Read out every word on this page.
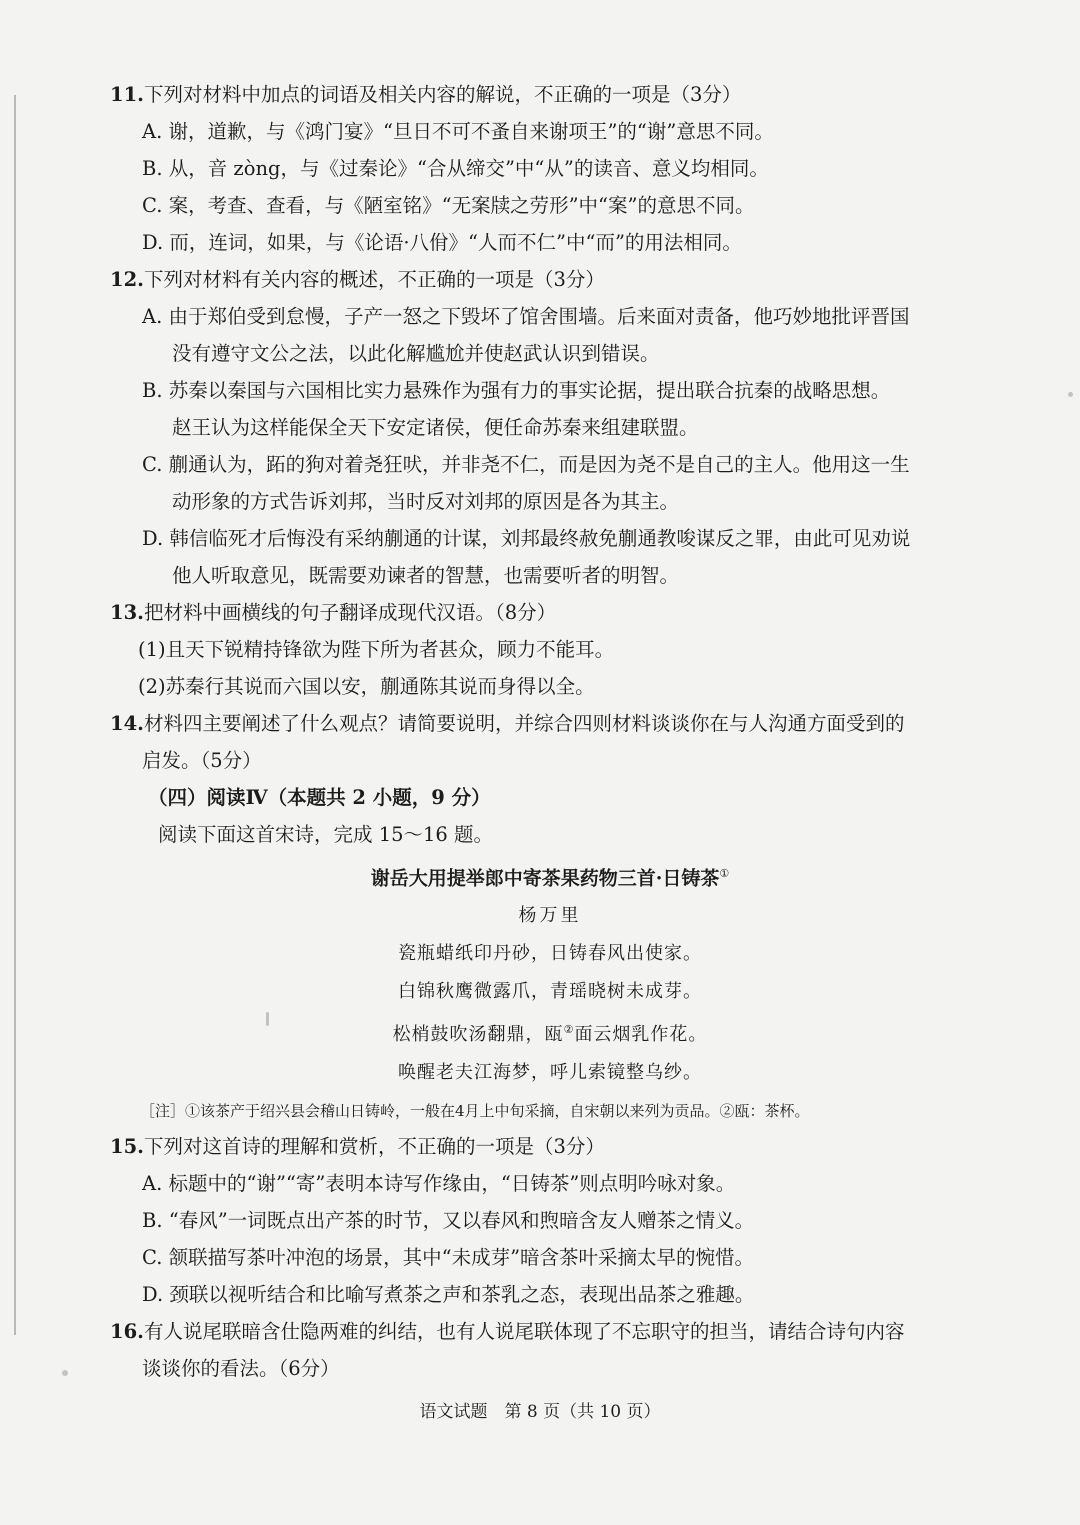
11.下列对材料中加点的词语及相关内容的解说，不正确的一项是（3分）

A. 谢，道歉，与《鸿门宴》“旦日不可不蚤自来谢项王”的“谢”意思不同。

B. 从，音 zòng，与《过秦论》“合从缔交”中“从”的读音、意义均相同。

C. 案，考查、查看，与《陋室铭》“无案牍之劳形”中“案”的意思不同。

D. 而，连词，如果，与《论语·八佾》“人而不仁”中“而”的用法相同。

12.下列对材料有关内容的概述，不正确的一项是（3分）

A. 由于郑伯受到怠慢，子产一怒之下毁坏了馆舍围墙。后来面对责备，他巧妙地批评晋国

没有遵守文公之法，以此化解尴尬并使赵武认识到错误。

B. 苏秦以秦国与六国相比实力悬殊作为强有力的事实论据，提出联合抗秦的战略思想。

赵王认为这样能保全天下安定诸侯，便任命苏秦来组建联盟。

C. 蒯通认为，跖的狗对着尧狂吠，并非尧不仁，而是因为尧不是自己的主人。他用这一生

动形象的方式告诉刘邦，当时反对刘邦的原因是各为其主。

D. 韩信临死才后悔没有采纳蒯通的计谋，刘邦最终赦免蒯通教唆谋反之罪，由此可见劝说

他人听取意见，既需要劝谏者的智慧，也需要听者的明智。

13.把材料中画横线的句子翻译成现代汉语。（8分）

(1)且天下锐精持锋欲为陛下所为者甚众，顾力不能耳。

(2)苏秦行其说而六国以安，蒯通陈其说而身得以全。

14.材料四主要阐述了什么观点？请简要说明，并综合四则材料谈谈你在与人沟通方面受到的

启发。（5分）

（四）阅读Ⅳ（本题共 2 小题，9 分）

阅读下面这首宋诗，完成 15～16 题。

谢岳大用提举郎中寄茶果药物三首·日铸茶①

杨万里

瓷瓶蜡纸印丹砂，日铸春风出使家。

白锦秋鹰微露爪，青瑶晓树未成芽。

松梢鼓吹汤翻鼎，瓯②面云烟乳作花。

唤醒老夫江海梦，呼儿索镜整乌纱。

［注］①该茶产于绍兴县会稽山日铸岭，一般在4月上中旬采摘，自宋朝以来列为贡品。②瓯：茶杯。

15.下列对这首诗的理解和赏析，不正确的一项是（3分）

A. 标题中的“谢”“寄”表明本诗写作缘由，“日铸茶”则点明吟咏对象。

B. “春风”一词既点出产茶的时节，又以春风和煦暗含友人赠茶之情义。

C. 颔联描写茶叶冲泡的场景，其中“未成芽”暗含茶叶采摘太早的惋惜。

D. 颈联以视听结合和比喻写煮茶之声和茶乳之态，表现出品茶之雅趣。

16.有人说尾联暗含仕隐两难的纠结，也有人说尾联体现了不忘职守的担当，请结合诗句内容

谈谈你的看法。（6分）

语文试题　第 8 页（共 10 页）
